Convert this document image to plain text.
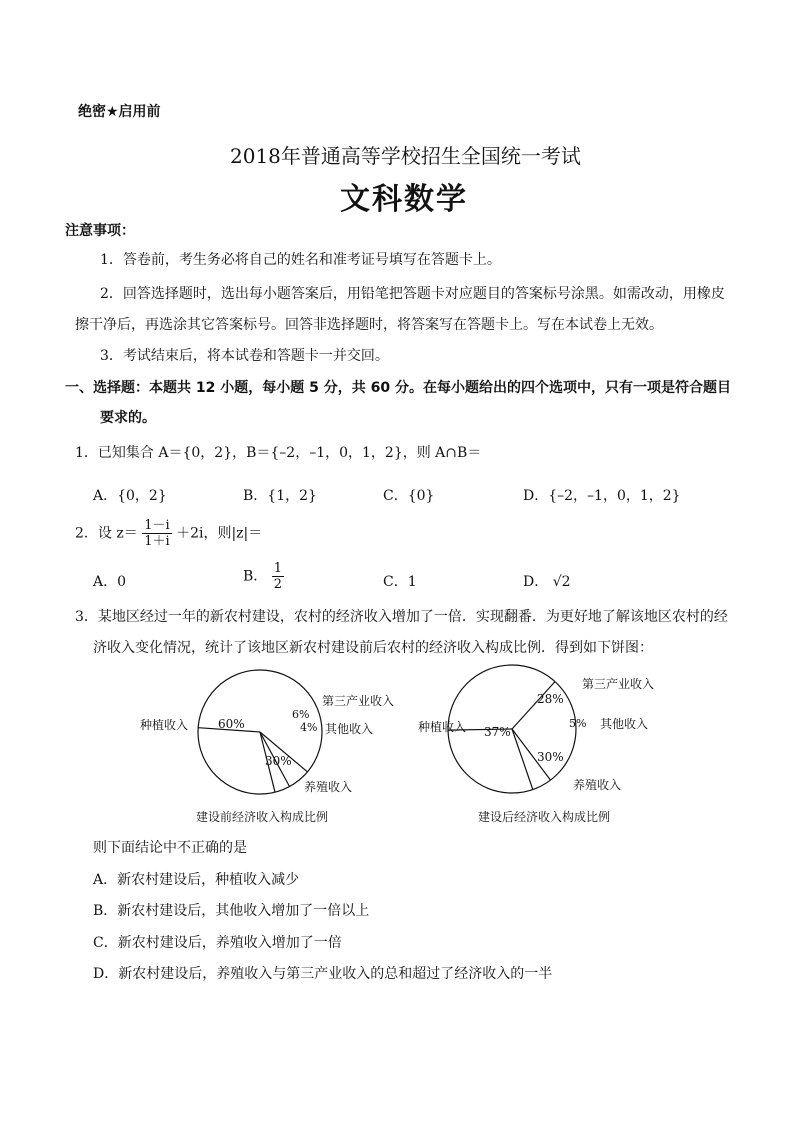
绝密★启用前
2018年普通高等学校招生全国统一考试
文科数学
注意事项：
1．答卷前，考生务必将自己的姓名和准考证号填写在答题卡上。
2．回答选择题时，选出每小题答案后，用铅笔把答题卡对应题目的答案标号涂黑。如需改动，用橡皮
擦干净后，再选涂其它答案标号。回答非选择题时，将答案写在答题卡上。写在本试卷上无效。
3．考试结束后，将本试卷和答题卡一并交回。
一、选择题：本题共 12 小题，每小题 5 分，共 60 分。在每小题给出的四个选项中，只有一项是符合题目
要求的。
1．已知集合 A＝{0，2}，B＝{–2，–1，0，1，2}，则 A∩B＝
A．{0，2}	B．{1，2}	C．{0}	D．{–2，–1，0，1，2}
2．设 $z= \frac{1-i}{1+i} +2i$，则|z|＝
A．0	B． $\frac{1}{2}$	C．1	D． √2
3．某地区经过一年的新农村建设，农村的经济收入增加了一倍．实现翻番．为更好地了解该地区农村的经
济收入变化情况，统计了该地区新农村建设前后农村的经济收入构成比例．得到如下饼图：
种植收入
养殖收入
其他收入
第三产业收入
种植收入
第三产业收入
其他收入
养殖收入
60%
30%
4%
6%
37%
28%
5%
30%
建设前经济收入构成比例	建设后经济收入构成比例
则下面结论中不正确的是
A．新农村建设后，种植收入减少
B．新农村建设后，其他收入增加了一倍以上
C．新农村建设后，养殖收入增加了一倍
D．新农村建设后，养殖收入与第三产业收入的总和超过了经济收入的一半
